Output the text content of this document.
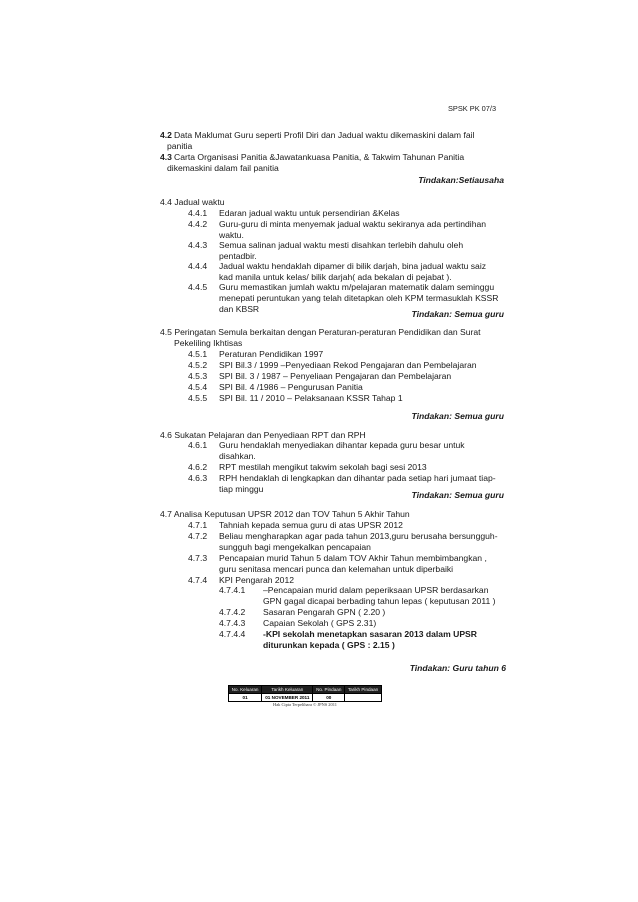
SPSK PK 07/3
4.2 Data Maklumat Guru seperti Profil Diri dan Jadual waktu dikemaskini dalam fail
panitia
4.3 Carta Organisasi Panitia &Jawatankuasa Panitia, & Takwim Tahunan Panitia
dikemaskini dalam fail panitia
Tindakan:Setiausaha
4.4 Jadual waktu
4.4.1 Edaran jadual waktu untuk persendirian &Kelas
4.4.2 Guru-guru di minta menyemak jadual waktu sekiranya ada pertindihan
waktu.
4.4.3 Semua salinan jadual waktu mesti disahkan terlebih dahulu oleh
pentadbir.
4.4.4 Jadual waktu hendaklah dipamer di bilik darjah, bina jadual waktu saiz
kad manila untuk kelas/ bilik darjah( ada bekalan di pejabat ).
4.4.5 Guru memastikan jumlah waktu m/pelajaran matematik dalam seminggu
menepati peruntukan yang telah ditetapkan oleh KPM termasuklah KSSR
dan KBSR	Tindakan: Semua guru
4.5 Peringatan Semula berkaitan dengan Peraturan-peraturan Pendidikan dan Surat
Pekeliling Ikhtisas
4.5.1 Peraturan Pendidikan 1997
4.5.2 SPI Bil.3 / 1999 –Penyediaan Rekod Pengajaran dan Pembelajaran
4.5.3 SPI Bil. 3 / 1987 – Penyeliaan Pengajaran dan Pembelajaran
4.5.4 SPI Bil. 4 /1986 – Pengurusan Panitia
4.5.5 SPI Bil. 11 / 2010 – Pelaksanaan KSSR Tahap 1
Tindakan: Semua guru
4.6 Sukatan Pelajaran dan Penyediaan RPT dan RPH
4.6.1 Guru hendaklah menyediakan dihantar kepada guru besar untuk
disahkan.
4.6.2 RPT mestilah mengikut takwim sekolah bagi sesi 2013
4.6.3 RPH hendaklah di lengkapkan dan dihantar pada setiap hari jumaat tiap-
tiap minggu
Tindakan: Semua guru
4.7 Analisa Keputusan UPSR 2012 dan TOV Tahun 5 Akhir Tahun
4.7.1 Tahniah kepada semua guru di atas UPSR 2012
4.7.2 Beliau mengharapkan agar pada tahun 2013,guru berusaha bersungguh-
sungguh bagi mengekalkan pencapaian
4.7.3 Pencapaian murid Tahun 5 dalam TOV Akhir Tahun membimbangkan ,
guru senitasa mencari punca dan kelemahan untuk diperbaiki
4.7.4 KPI Pengarah 2012
4.7.4.1 –Pencapaian murid dalam peperiksaan UPSR berdasarkan
GPN gagal dicapai berbading tahun lepas ( keputusan 2011 )
4.7.4.2 Sasaran Pengarah GPN ( 2.20 )
4.7.4.3 Capaian Sekolah ( GPS 2.31)
4.7.4.4 -KPI sekolah menetapkan sasaran 2013 dalam UPSR
diturunkan kepada ( GPS : 2.15 )
Tindakan: Guru tahun 6
No. Keluaran	Tarikh Keluaran	No. Pindaan	Tarikh Pindaan
01	01 NOVEMBER 2011	00	
Hak Cipta Terpelihara © JPNS 2011
